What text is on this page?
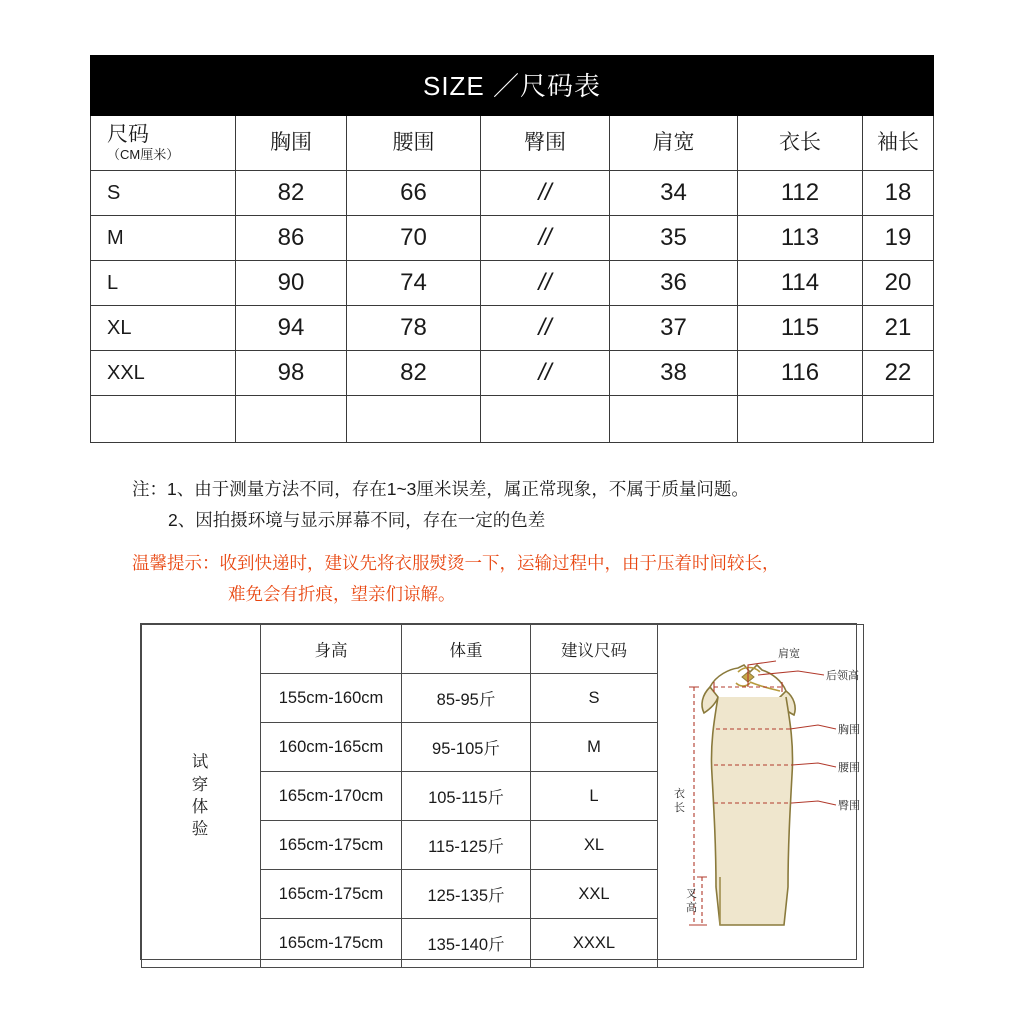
SIZE ／尺码表
尺码
（CM厘米）	胸围	腰围	臀围	肩宽	衣长	袖长
S	82	66	//	34	112	18
M	86	70	//	35	113	19
L	90	74	//	36	114	20
XL	94	78	//	37	115	21
XXL	98	82	//	38	116	22

注：1、由于测量方法不同，存在1~3厘米误差，属正常现象，不属于质量问题。
2、因拍摄环境与显示屏幕不同，存在一定的色差
温馨提示：收到快递时，建议先将衣服熨烫一下，运输过程中，由于压着时间较长，
难免会有折痕，望亲们谅解。
试
穿
体
验
	身高	体重	建议尺码	肩宽
后领高
胸围
腰围
臀围
衣
长
叉
高

	155cm-160cm	85-95斤	S	
	160cm-165cm	95-105斤	M	
	165cm-170cm	105-115斤	L	
	165cm-175cm	115-125斤	XL	
	165cm-175cm	125-135斤	XXL	
	165cm-175cm	135-140斤	XXXL	
